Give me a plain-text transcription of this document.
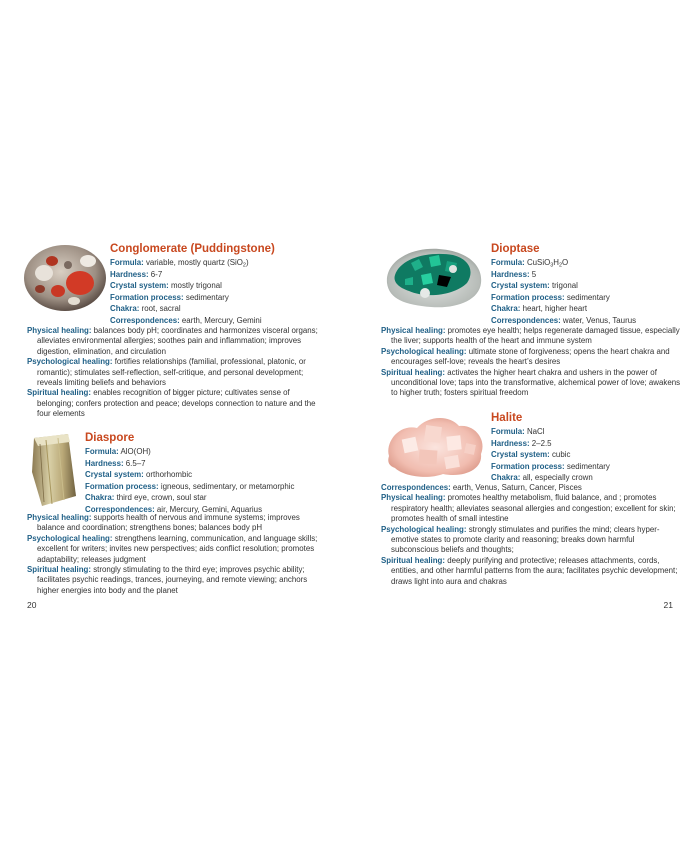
Conglomerate (Puddingstone)
Formula: variable, mostly quartz (SiO$_2$)
Hardness: 6-7
Crystal system: mostly trigonal
Formation process: sedimentary
Chakra: root, sacral
Correspondences: earth, Mercury, Gemini

Physical healing: balances body pH; coordinates and harmonizes visceral organs; alleviates environmental allergies; soothes pain and inflammation; improves digestion, elimination, and circulation

Psychological healing: fortifies relationships (familial, professional, platonic, or romantic); stimulates self-reflection, self-critique, and personal development; reveals limiting beliefs and behaviors

Spiritual healing: enables recognition of bigger picture; cultivates sense of belonging; confers protection and peace; develops connection to nature and the four elements

Diaspore
Formula: AlO(OH)
Hardness: 6.5–7
Crystal system: orthorhombic
Formation process: igneous, sedimentary, or metamorphic
Chakra: third eye, crown, soul star
Correspondences: air, Mercury, Gemini, Aquarius

Physical healing: supports health of nervous and immune systems; improves balance and coordination; strengthens bones; balances body pH

Psychological healing: strengthens learning, communication, and language skills; excellent for writers; invites new perspectives; aids conflict resolution; promotes adaptability; releases judgment

Spiritual healing: strongly stimulating to the third eye; improves psychic ability; facilitates psychic readings, trances, journeying, and remote viewing; anchors higher energies into body and the planet

20
Dioptase
Formula: $CuSiO_3H_2O$
Hardness: 5
Crystal system: trigonal
Formation process: sedimentary
Chakra: heart, higher heart
Correspondences: water, Venus, Taurus

Physical healing: promotes eye health; helps regenerate damaged tissue, especially the liver; supports health of the heart and immune system

Psychological healing: ultimate stone of forgiveness; opens the heart chakra and encourages self-love; reveals the heart’s desires

Spiritual healing: activates the higher heart chakra and ushers in the power of unconditional love; taps into the transformative, alchemical power of love; awakens to higher truth; fosters spiritual freedom

Halite
Formula: NaCl
Hardness: 2–2.5
Crystal system: cubic
Formation process: sedimentary
Chakra: all, especially crown

Correspondences: earth, Venus, Saturn, Cancer, Pisces

Physical healing: promotes healthy metabolism, fluid balance, and ; promotes respiratory health; alleviates seasonal allergies and congestion; excellent for skin; promotes health of small intestine

Psychological healing: strongly stimulates and purifies the mind; clears hyper-emotive states to promote clarity and reasoning; breaks down harmful subconscious beliefs and thoughts;

Spiritual healing: deeply purifying and protective; releases attachments, cords, entities, and other harmful patterns from the aura; facilitates psychic development; draws light into aura and chakras

21
